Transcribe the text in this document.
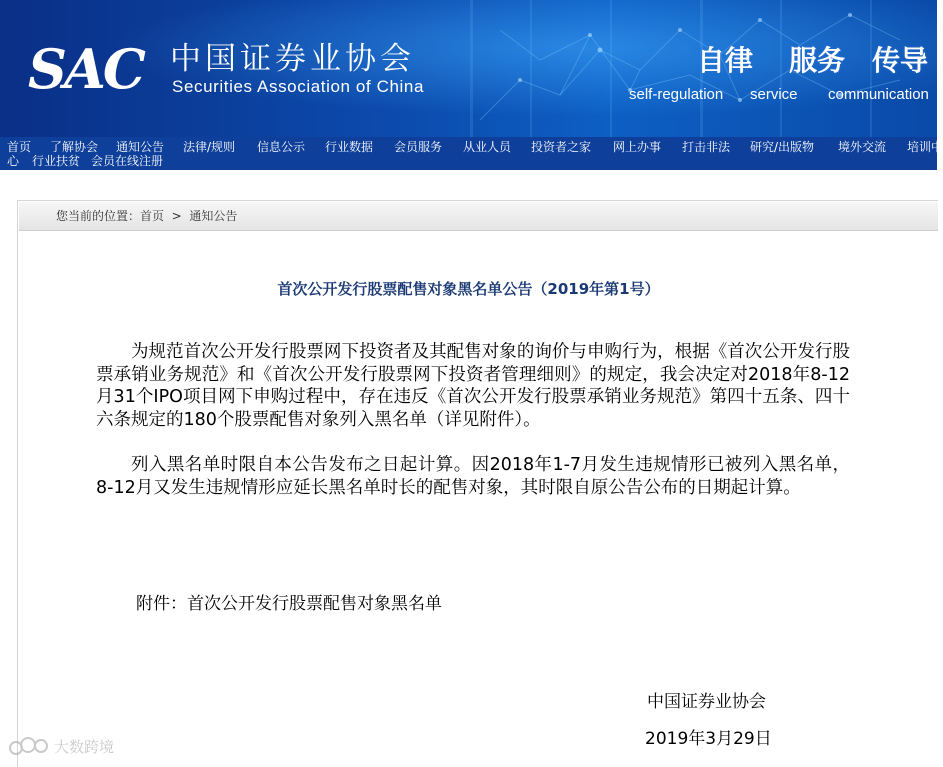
SAC 中国证券业协会
Securities Association of China
自律 服务 传导
self-regulation service communication
首页 了解协会 通知公告 法律/规则 信息公示 行业数据 会员服务 从业人员 投资者之家 网上办事 打击非法 研究/出版物 境外交流 培训中
心 行业扶贫 会员在线注册
您当前的位置：首页 > 通知公告
首次公开发行股票配售对象黑名单公告（2019年第1号）
为规范首次公开发行股票网下投资者及其配售对象的询价与申购行为，根据《首次公开发行股票承销业务规范》和《首次公开发行股票网下投资者管理细则》的规定，我会决定对2018年8-12月31个IPO项目网下申购过程中，存在违反《首次公开发行股票承销业务规范》第四十五条、四十六条规定的180个股票配售对象列入黑名单（详见附件）。
列入黑名单时限自本公告发布之日起计算。因2018年1-7月发生违规情形已被列入黑名单，8-12月又发生违规情形应延长黑名单时长的配售对象，其时限自原公告公布的日期起计算。
附件：首次公开发行股票配售对象黑名单
中国证券业协会
2019年3月29日
大数跨境
